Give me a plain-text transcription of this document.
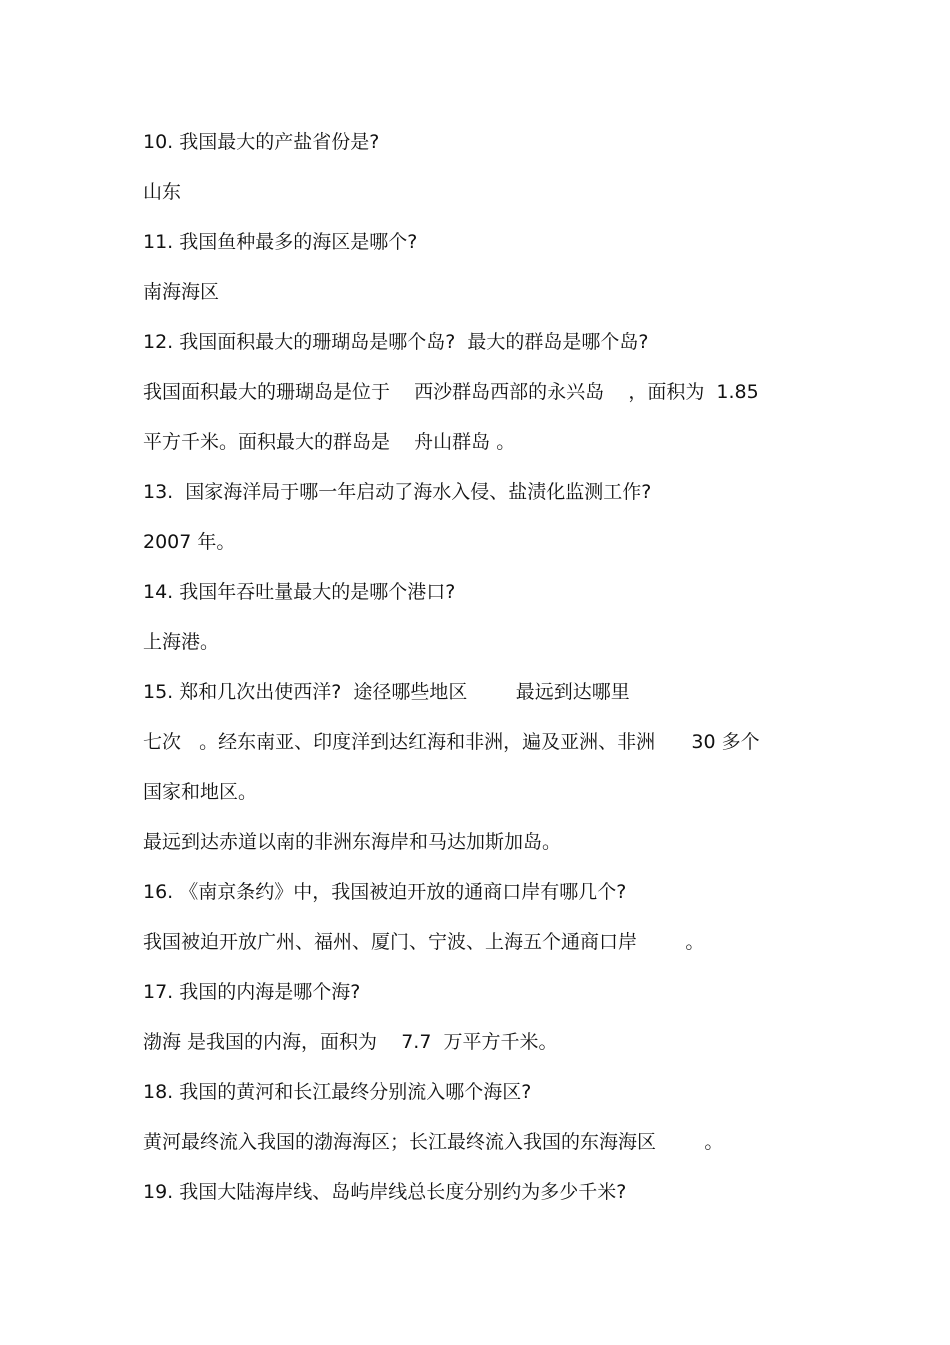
10. 我国最大的产盐省份是?
山东
11. 我国鱼种最多的海区是哪个?
南海海区
12. 我国面积最大的珊瑚岛是哪个岛?  最大的群岛是哪个岛?
我国面积最大的珊瑚岛是位于    西沙群岛西部的永兴岛    ，面积为  1.85
平方千米。面积最大的群岛是    舟山群岛 。
13.  国家海洋局于哪一年启动了海水入侵、盐渍化监测工作?
2007 年。
14. 我国年吞吐量最大的是哪个港口?
上海港。
15. 郑和几次出使西洋?  途径哪些地区        最远到达哪里
七次   。经东南亚、印度洋到达红海和非洲，遍及亚洲、非洲      30 多个
国家和地区。
最远到达赤道以南的非洲东海岸和马达加斯加岛。
16. 《南京条约》中，我国被迫开放的通商口岸有哪几个?
我国被迫开放广州、福州、厦门、宁波、上海五个通商口岸        。
17. 我国的内海是哪个海?
渤海 是我国的内海，面积为    7.7  万平方千米。
18. 我国的黄河和长江最终分别流入哪个海区?
黄河最终流入我国的渤海海区；长江最终流入我国的东海海区        。
19. 我国大陆海岸线、岛屿岸线总长度分别约为多少千米?
